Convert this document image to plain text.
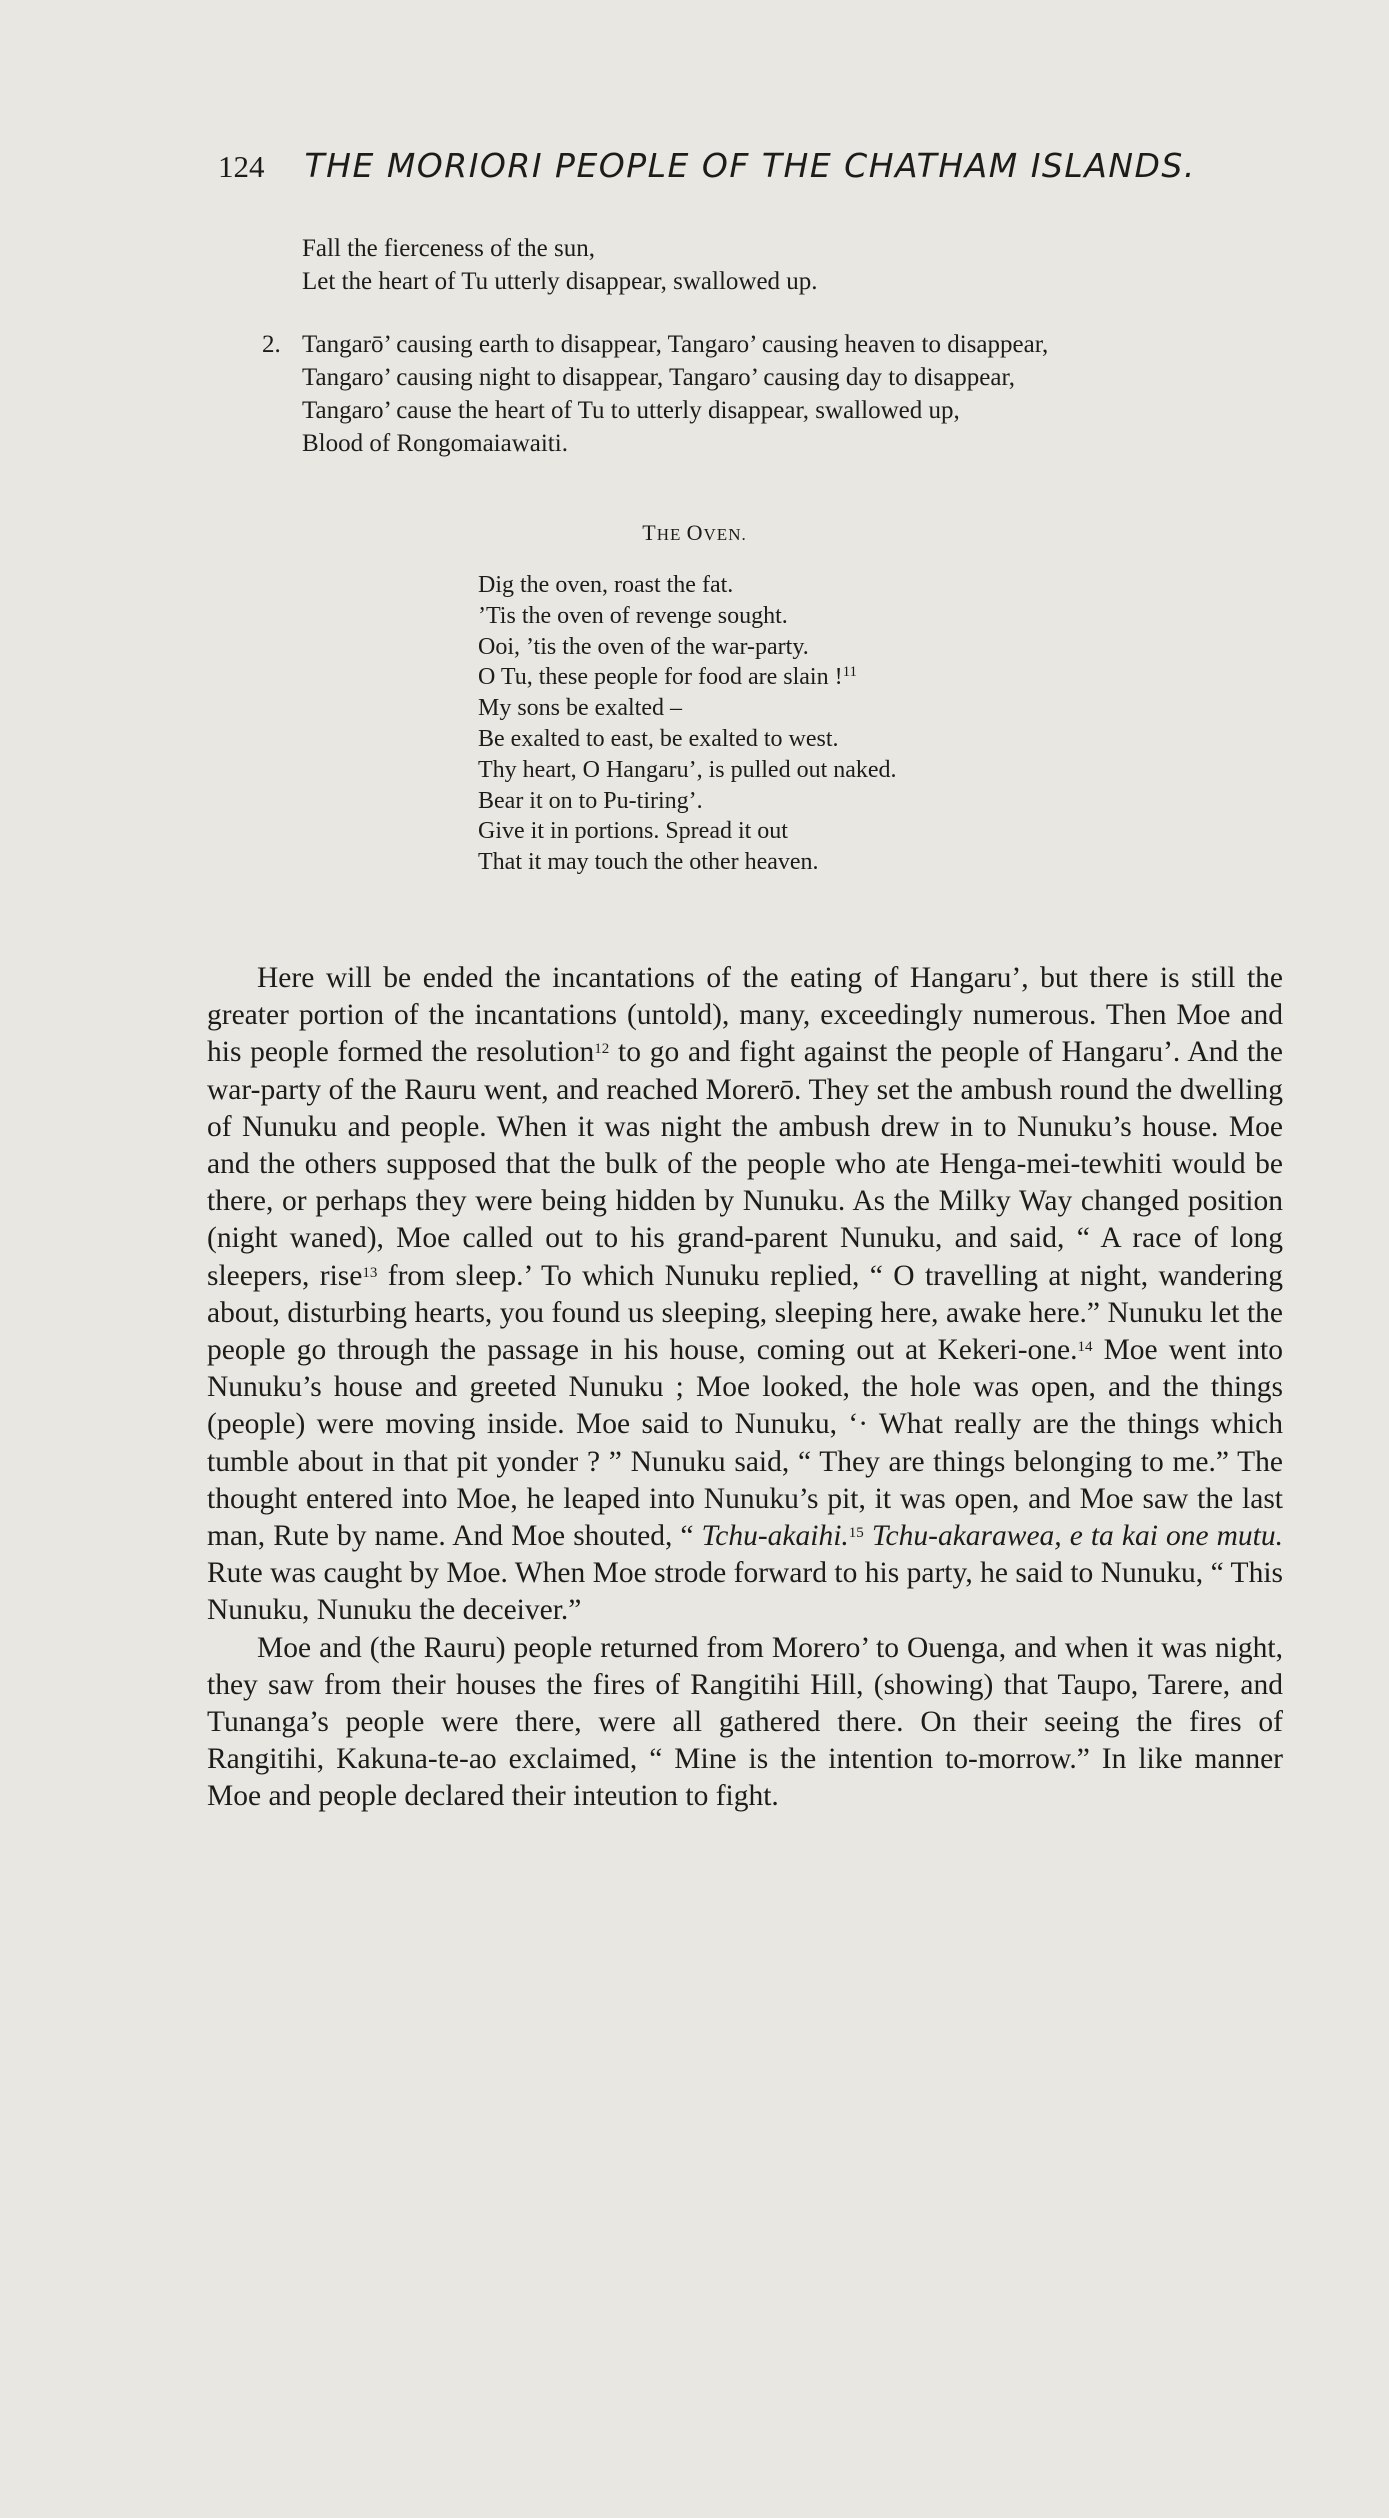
124 THE MORIORI PEOPLE OF THE CHATHAM ISLANDS.
Fall the fierceness of the sun,
Let the heart of Tu utterly disappear, swallowed up.
2. Tangarō’ causing earth to disappear, Tangaro’ causing heaven to disappear,
Tangaro’ causing night to disappear, Tangaro’ causing day to disappear,
Tangaro’ cause the heart of Tu to utterly disappear, swallowed up,
Blood of Rongomaiawaiti.
THE OVEN.
Dig the oven, roast the fat.
’Tis the oven of revenge sought.
Ooi, ’tis the oven of the war-party.
O Tu, these people for food are slain !$^{11}$
My sons be exalted –
Be exalted to east, be exalted to west.
Thy heart, O Hangaru’, is pulled out naked.
Bear it on to Pu-tiring’.
Give it in portions. Spread it out
That it may touch the other heaven.

Here will be ended the incantations of the eating of Hangaru’, but there is still the greater portion of the incantations (untold), many, exceedingly numerous. Then Moe and his people formed the resolution$^{12}$ to go and fight against the people of Hangaru’. And the war-party of the Rauru went, and reached Morerō. They set the ambush round the dwelling of Nunuku and people. When it was night the ambush drew in to Nunuku’s house. Moe and the others supposed that the bulk of the people who ate Henga-mei-tewhiti would be there, or perhaps they were being hidden by Nunuku. As the Milky Way changed position (night waned), Moe called out to his grand-parent Nunuku, and said, “ A race of long sleepers, rise$^{13}$ from sleep.’ To which Nunuku replied, “ O travelling at night, wandering about, disturbing hearts, you found us sleeping, sleeping here, awake here.” Nunuku let the people go through the passage in his house, coming out at Kekeri-one.$^{14}$ Moe went into Nunuku’s house and greeted Nunuku ; Moe looked, the hole was open, and the things (people) were moving inside. Moe said to Nunuku, ‘· What really are the things which tumble about in that pit yonder ? ” Nunuku said, “ They are things belonging to me.” The thought entered into Moe, he leaped into Nunuku’s pit, it was open, and Moe saw the last man, Rute by name. And Moe shouted, “ Tchu-akaihi.$^{15}$ Tchu-akarawea, e ta kai one mutu. Rute was caught by Moe. When Moe strode forward to his party, he said to Nunuku, “ This Nunuku, Nunuku the deceiver.”

Moe and (the Rauru) people returned from Morero’ to Ouenga, and when it was night, they saw from their houses the fires of Rangitihi Hill, (showing) that Taupo, Tarere, and Tunanga’s people were there, were all gathered there. On their seeing the fires of Rangitihi, Kakuna-te-ao exclaimed, “ Mine is the intention to-morrow.” In like manner Moe and people declared their inteution to fight.
